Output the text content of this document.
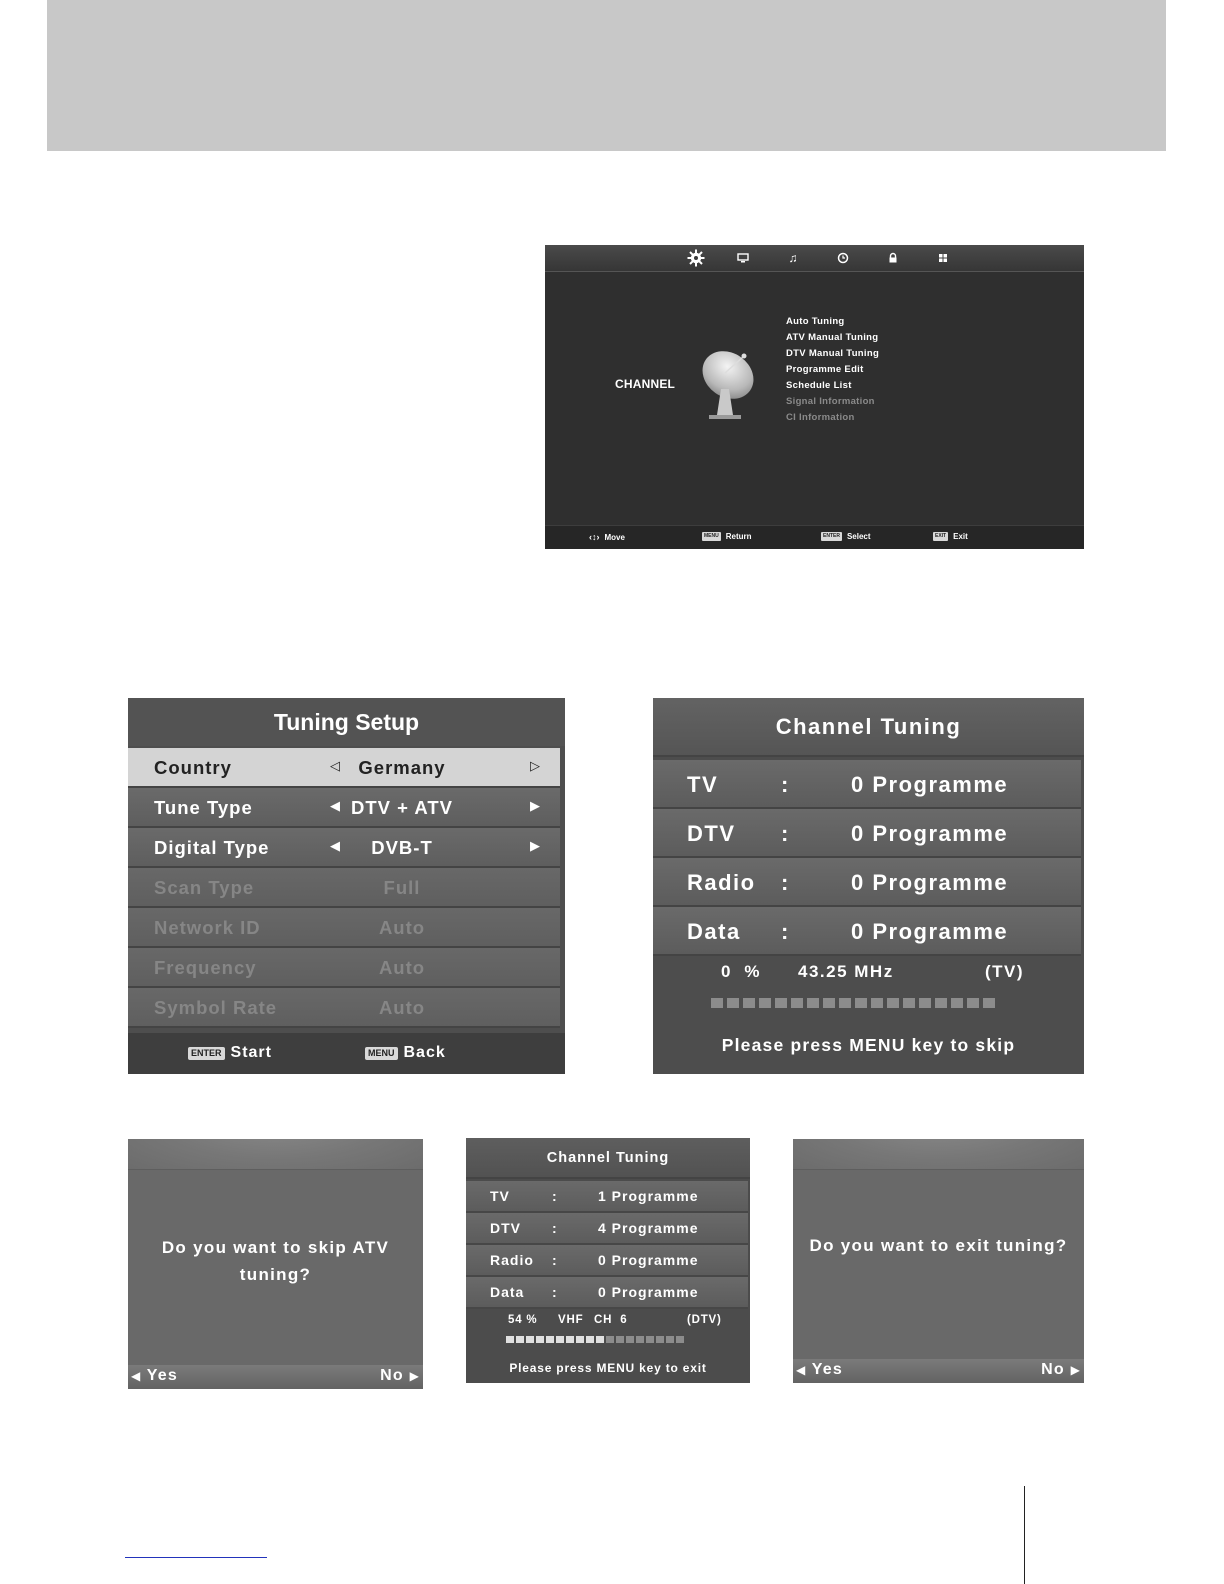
♫
CHANNEL
Auto Tuning
ATV Manual Tuning
DTV Manual Tuning
Programme Edit
Schedule List
Signal Information
CI Information
‹↕› Move	MENU Return	ENTER Select	EXIT Exit
Tuning Setup
Country	◁ Germany	▷
Tune Type	◀ DTV + ATV	▶
Digital Type	◀	DVB-T	▶
Scan Type	Full
Network ID	Auto
Frequency	Auto
Symbol Rate	Auto
ENTER Start	MENU Back
Channel Tuning
TV	:	0 Programme
DTV :	0 Programme
Radio :	0 Programme
Data :	0 Programme
0  % 43.25 MHz	(TV)
Please press MENU key to skip
Do you want to skip ATV
tuning?
◀ Yes	No ▶
Channel Tuning
TV	:	1 Programme
DTV :	4 Programme
Radio :	0 Programme
Data :	0 Programme
54 % VHF CH  6	(DTV)
Please press MENU key to exit
Do you want to exit tuning?
◀ Yes	No ▶
